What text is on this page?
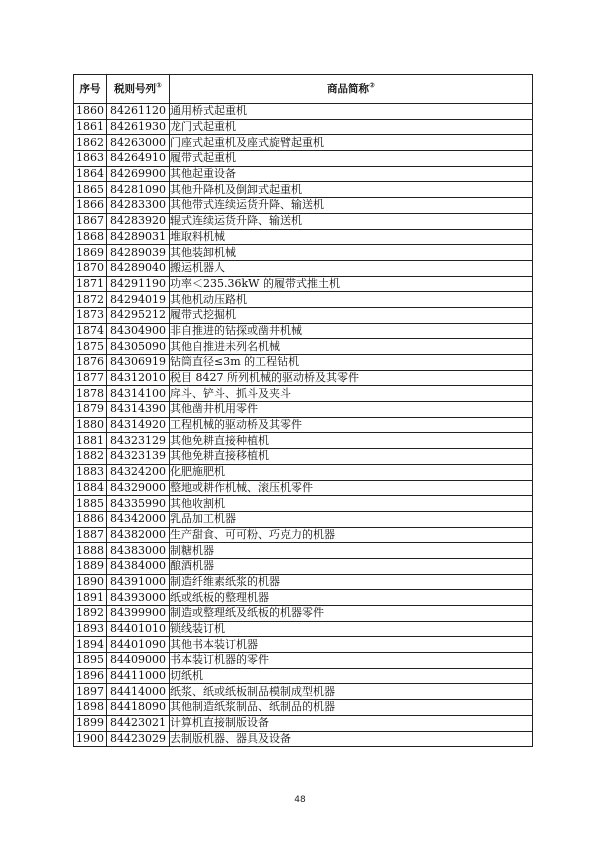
序号	税则号列①	商品简称②
1860	84261120	通用桥式起重机
1861	84261930	龙门式起重机
1862	84263000	门座式起重机及座式旋臂起重机
1863	84264910	履带式起重机
1864	84269900	其他起重设备
1865	84281090	其他升降机及倒卸式起重机
1866	84283300	其他带式连续运货升降、输送机
1867	84283920	辊式连续运货升降、输送机
1868	84289031	堆取料机械
1869	84289039	其他装卸机械
1870	84289040	搬运机器人
1871	84291190	功率＜235.36kW 的履带式推土机
1872	84294019	其他机动压路机
1873	84295212	履带式挖掘机
1874	84304900	非自推进的钻探或凿井机械
1875	84305090	其他自推进未列名机械
1876	84306919	钻筒直径≤3m 的工程钻机
1877	84312010	税目 8427 所列机械的驱动桥及其零件
1878	84314100	戽斗、铲斗、抓斗及夹斗
1879	84314390	其他凿井机用零件
1880	84314920	工程机械的驱动桥及其零件
1881	84323129	其他免耕直接种植机
1882	84323139	其他免耕直接移植机
1883	84324200	化肥施肥机
1884	84329000	整地或耕作机械、滚压机零件
1885	84335990	其他收割机
1886	84342000	乳品加工机器
1887	84382000	生产甜食、可可粉、巧克力的机器
1888	84383000	制糖机器
1889	84384000	酿酒机器
1890	84391000	制造纤维素纸浆的机器
1891	84393000	纸或纸板的整理机器
1892	84399900	制造或整理纸及纸板的机器零件
1893	84401010	锁线装订机
1894	84401090	其他书本装订机器
1895	84409000	书本装订机器的零件
1896	84411000	切纸机
1897	84414000	纸浆、纸或纸板制品模制成型机器
1898	84418090	其他制造纸浆制品、纸制品的机器
1899	84423021	计算机直接制版设备
1900	84423029	去制版机器、器具及设备
48
